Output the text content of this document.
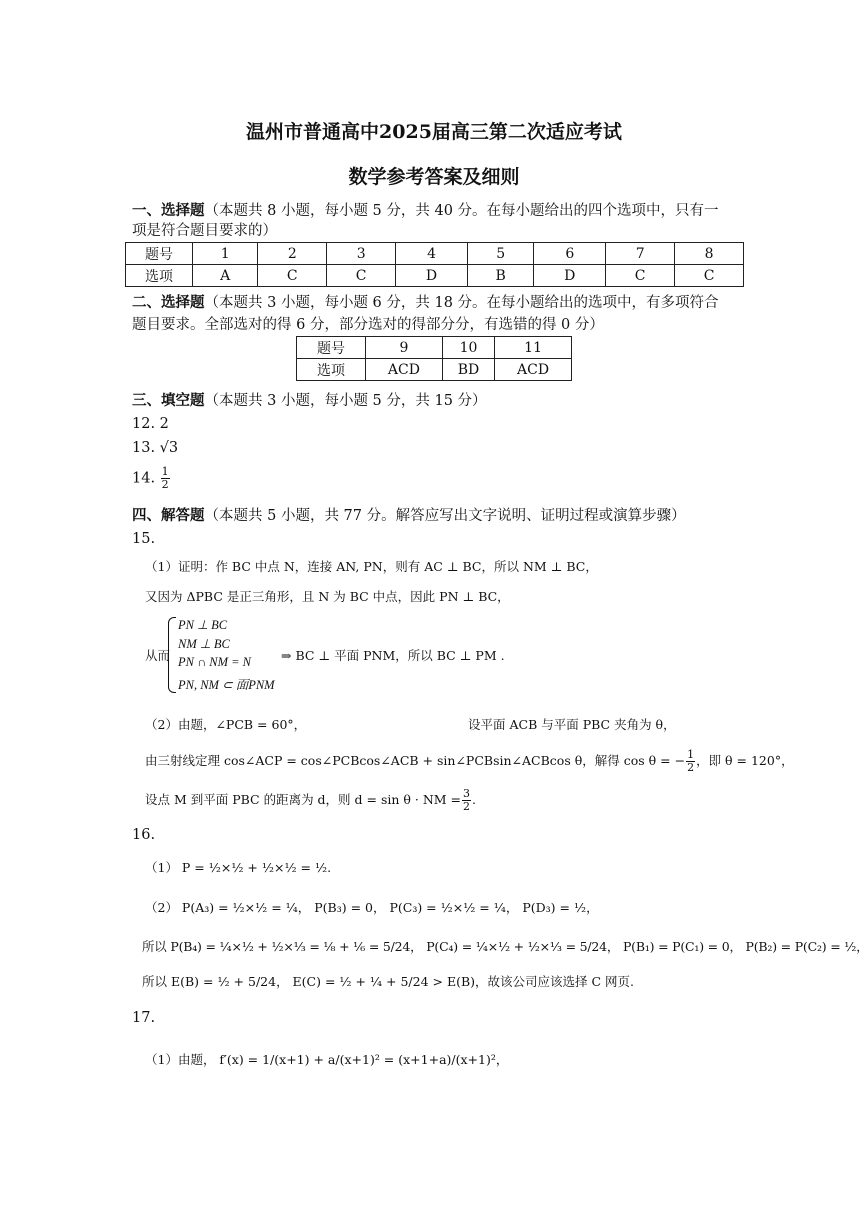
温州市普通高中2025届高三第二次适应考试
数学参考答案及细则
一、选择题（本题共 8 小题，每小题 5 分，共 40 分。在每小题给出的四个选项中，只有一
项是符合题目要求的）
题号	1	2	3	4	5	6	7	8
选项	A	C	C	D	B	D	C	C
二、选择题（本题共 3 小题，每小题 6 分，共 18 分。在每小题给出的选项中，有多项符合
题目要求。全部选对的得 6 分，部分选对的得部分分，有选错的得 0 分）
题号	9	10	11
选项	ACD	BD	ACD
三、填空题（本题共 3 小题，每小题 5 分，共 15 分）
12. 2
13. √3
14. $\frac{1}{2}$
四、解答题（本题共 5 小题，共 77 分。解答应写出文字说明、证明过程或演算步骤）
15.
（1）证明：作 BC 中点 N，连接 AN, PN，则有 AC ⊥ BC，所以 NM ⊥ BC，
又因为 ΔPBC 是正三角形，且 N 为 BC 中点，因此 PN ⊥ BC，
从而
PN ⊥ BC
NM ⊥ BC
PN ∩ NM = N
PN, NM ⊂ 面PNM
⇒ BC ⊥ 平面 PNM，所以 BC ⊥ PM .
（2）由题，∠PCB = 60°，	设平面 ACB 与平面 PBC 夹角为 θ，
由三射线定理 cos∠ACP = cos∠PCBcos∠ACB + sin∠PCBsin∠ACBcos θ，解得 cos θ = − $\frac{1}{2}$ ，即 θ = 120°，
设点 M 到平面 PBC 的距离为 d，则 d = sin θ · NM = $\frac{3}{2}$ .
16.
（1） P = ½×½ + ½×½ = ½.
（2） P(A₃) = ½×½ = ¼， P(B₃) = 0， P(C₃) = ½×½ = ¼， P(D₃) = ½，
所以 P(B₄) = ¼×½ + ½×⅓ = ⅛ + ⅙ = 5/24， P(C₄) = ¼×½ + ½×⅓ = 5/24， P(B₁) = P(C₁) = 0， P(B₂) = P(C₂) = ½，
所以 E(B) = ½ + 5/24， E(C) = ½ + ¼ + 5/24 > E(B)，故该公司应该选择 C 网页.
17.
（1）由题， f′(x) = 1/(x+1) + a/(x+1)² = (x+1+a)/(x+1)²，
